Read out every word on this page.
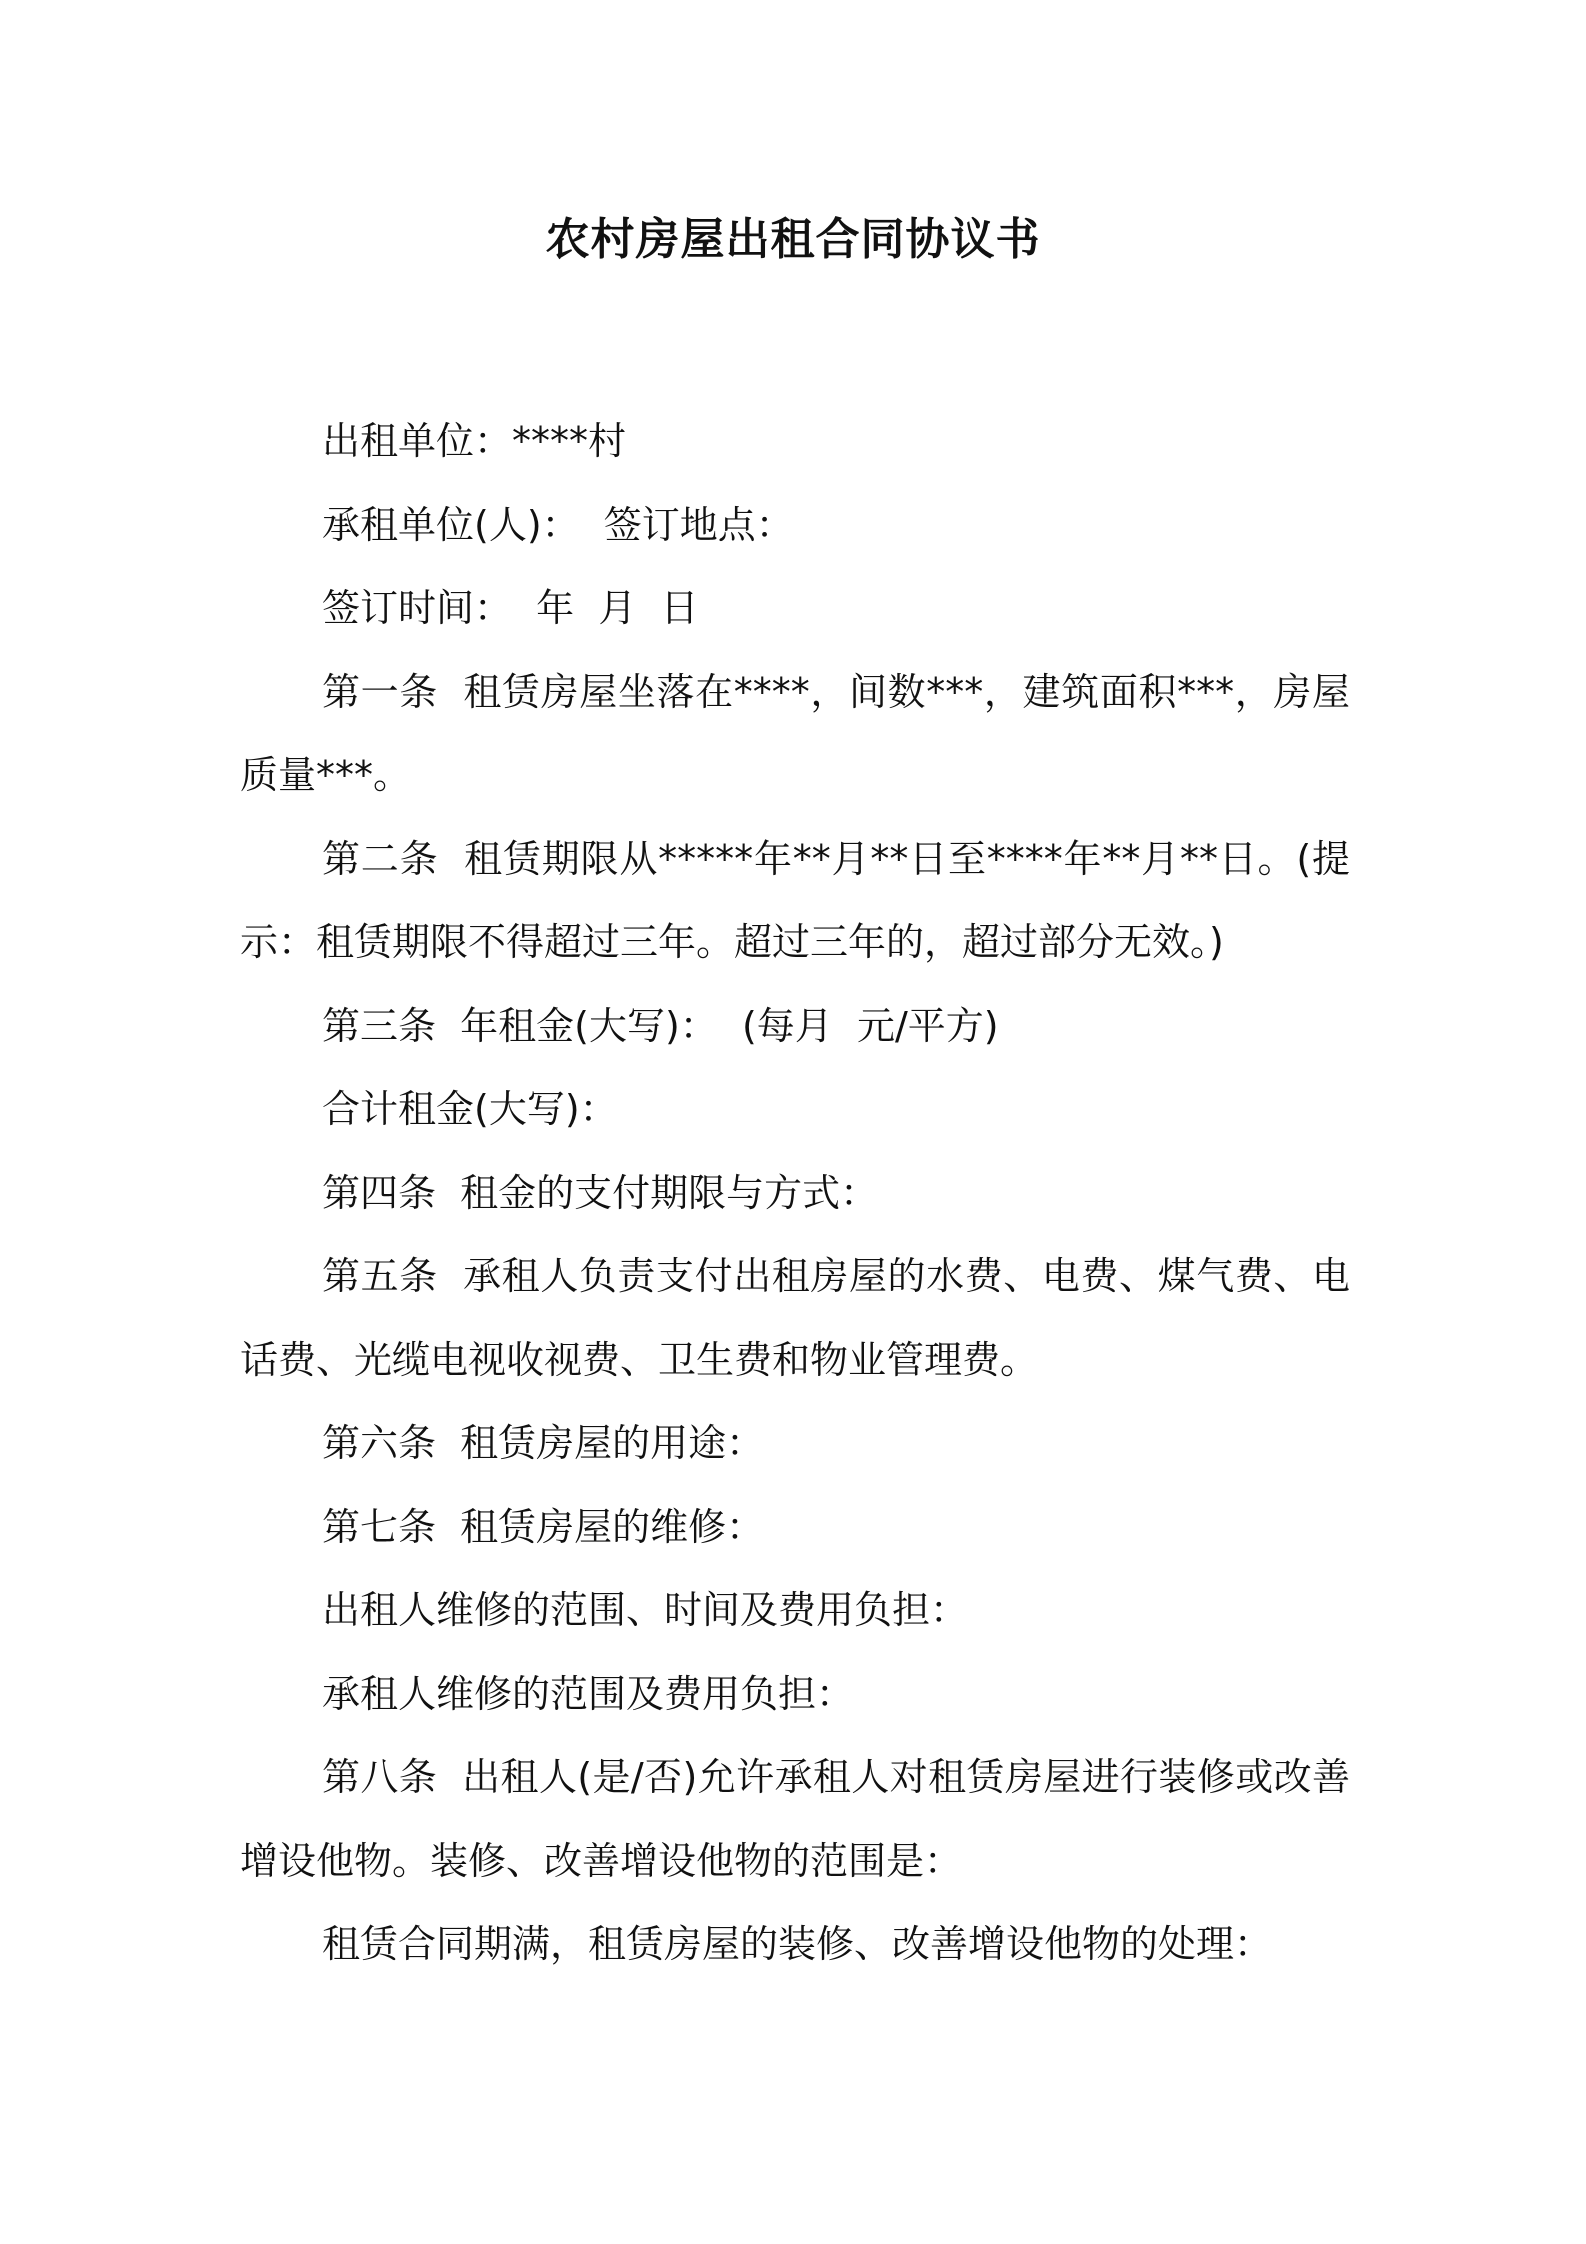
农村房屋出租合同协议书

出租单位：****村

承租单位(人)：  签订地点：

签订时间：  年  月  日

第一条  租赁房屋坐落在****，间数***，建筑面积***，房屋质量***。

第二条  租赁期限从*****年**月**日至****年**月**日。(提示：租赁期限不得超过三年。超过三年的，超过部分无效。)

第三条  年租金(大写)：  (每月  元/平方)

合计租金(大写)：

第四条  租金的支付期限与方式：

第五条  承租人负责支付出租房屋的水费、电费、煤气费、电话费、光缆电视收视费、卫生费和物业管理费。

第六条  租赁房屋的用途：

第七条  租赁房屋的维修：

出租人维修的范围、时间及费用负担：

承租人维修的范围及费用负担：

第八条  出租人(是/否)允许承租人对租赁房屋进行装修或改善增设他物。装修、改善增设他物的范围是：

租赁合同期满，租赁房屋的装修、改善增设他物的处理：
